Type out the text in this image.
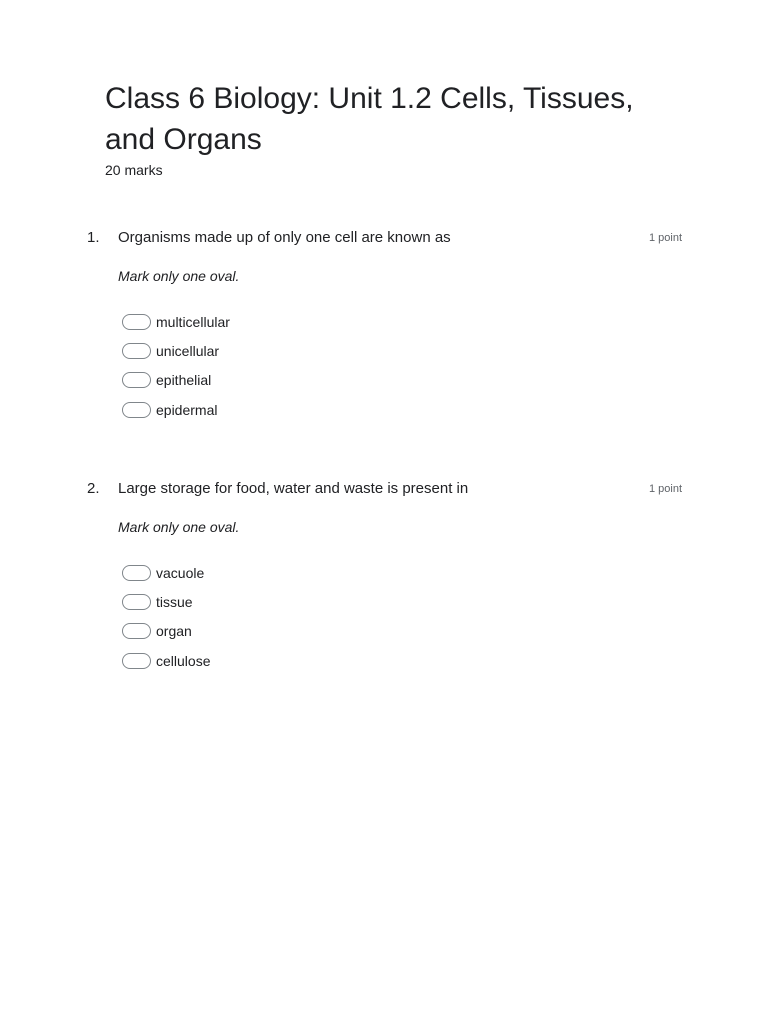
Class 6 Biology: Unit 1.2 Cells, Tissues, and Organs
20 marks
1. Organisms made up of only one cell are known as	1 point
Mark only one oval.
multicellular
unicellular
epithelial
epidermal
2. Large storage for food, water and waste is present in	1 point
Mark only one oval.
vacuole
tissue
organ
cellulose
